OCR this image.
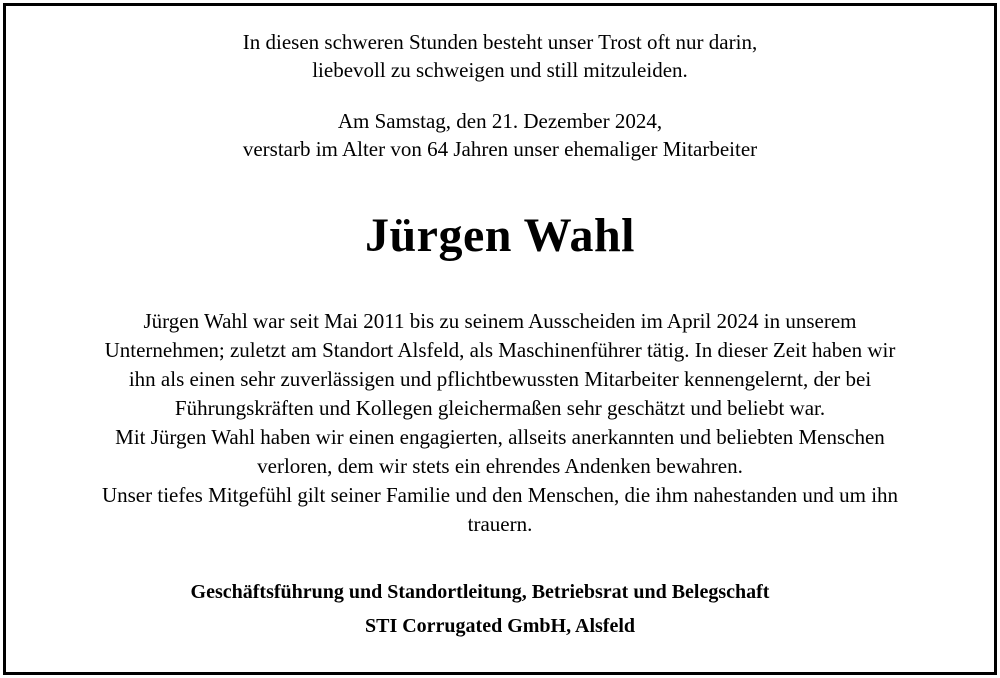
In diesen schweren Stunden besteht unser Trost oft nur darin,
liebevoll zu schweigen und still mitzuleiden.
Am Samstag, den 21. Dezember 2024,
verstarb im Alter von 64 Jahren unser ehemaliger Mitarbeiter
Jürgen Wahl
Jürgen Wahl war seit Mai 2011 bis zu seinem Ausscheiden im April 2024 in unserem
Unternehmen; zuletzt am Standort Alsfeld, als Maschinenführer tätig. In dieser Zeit haben wir
ihn als einen sehr zuverlässigen und pflichtbewussten Mitarbeiter kennengelernt, der bei
Führungskräften und Kollegen gleichermaßen sehr geschätzt und beliebt war.
Mit Jürgen Wahl haben wir einen engagierten, allseits anerkannten und beliebten Menschen
verloren, dem wir stets ein ehrendes Andenken bewahren.
Unser tiefes Mitgefühl gilt seiner Familie und den Menschen, die ihm nahestanden und um ihn
trauern.
Geschäftsführung und Standortleitung, Betriebsrat und Belegschaft
STI Corrugated GmbH, Alsfeld
